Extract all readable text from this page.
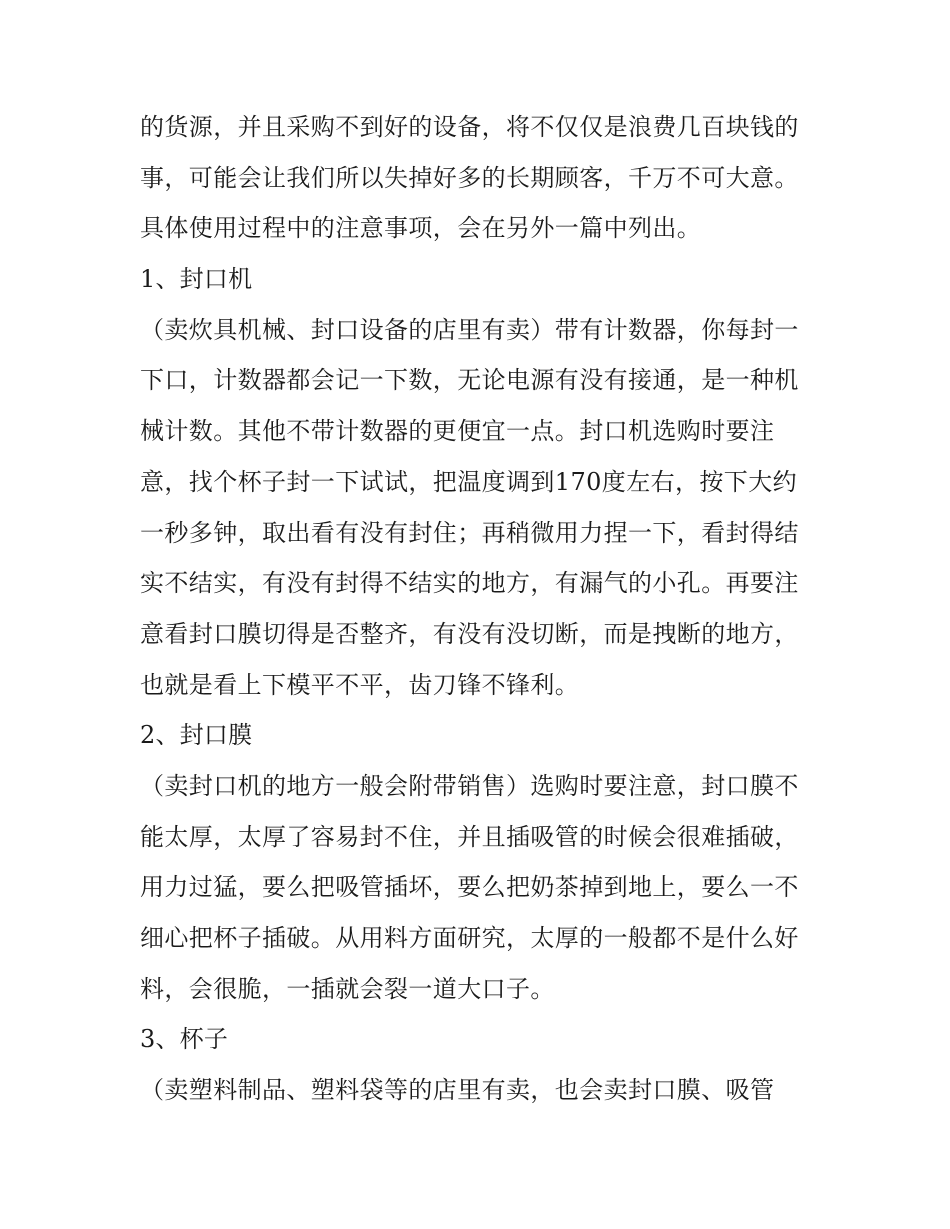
的货源，并且采购不到好的设备，将不仅仅是浪费几百块钱的
事，可能会让我们所以失掉好多的长期顾客，千万不可大意。
具体使用过程中的注意事项，会在另外一篇中列出。
1、封口机
（卖炊具机械、封口设备的店里有卖）带有计数器，你每封一
下口，计数器都会记一下数，无论电源有没有接通，是一种机
械计数。其他不带计数器的更便宜一点。封口机选购时要注
意，找个杯子封一下试试，把温度调到170度左右，按下大约
一秒多钟，取出看有没有封住；再稍微用力捏一下，看封得结
实不结实，有没有封得不结实的地方，有漏气的小孔。再要注
意看封口膜切得是否整齐，有没有没切断，而是拽断的地方，
也就是看上下模平不平，齿刀锋不锋利。
2、封口膜
（卖封口机的地方一般会附带销售）选购时要注意，封口膜不
能太厚，太厚了容易封不住，并且插吸管的时候会很难插破，
用力过猛，要么把吸管插坏，要么把奶茶掉到地上，要么一不
细心把杯子插破。从用料方面研究，太厚的一般都不是什么好
料，会很脆，一插就会裂一道大口子。
3、杯子
（卖塑料制品、塑料袋等的店里有卖，也会卖封口膜、吸管
